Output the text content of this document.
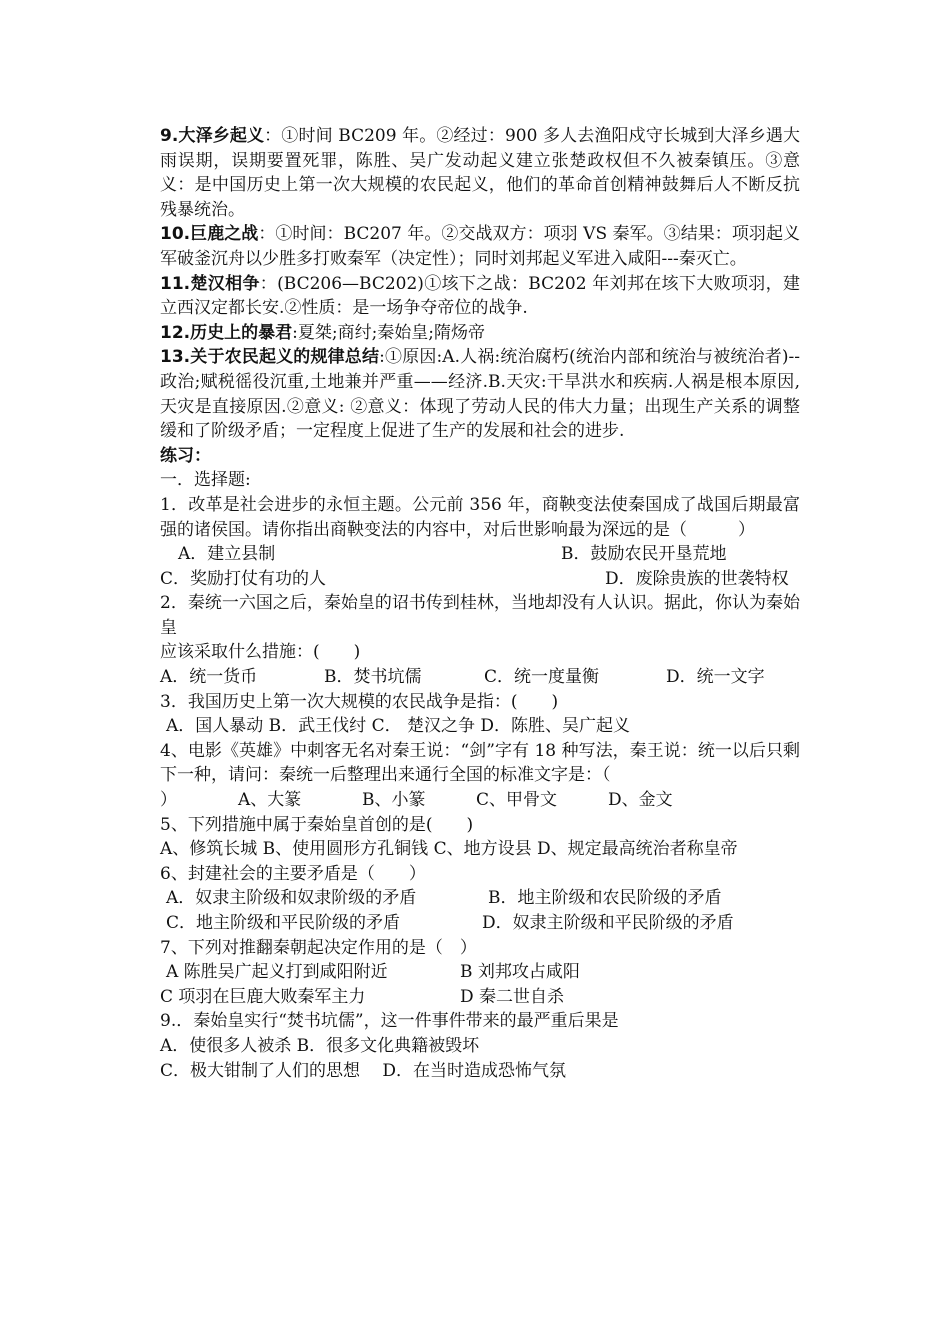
9.大泽乡起义：①时间 BC209 年。②经过：900 多人去渔阳戍守长城到大泽乡遇大雨误期，误期要置死罪，陈胜、吴广发动起义建立张楚政权但不久被秦镇压。③意义：是中国历史上第一次大规模的农民起义，他们的革命首创精神鼓舞后人不断反抗残暴统治。

10.巨鹿之战：①时间：BC207 年。②交战双方：项羽 VS 秦军。③结果：项羽起义军破釜沉舟以少胜多打败秦军（决定性）；同时刘邦起义军进入咸阳---秦灭亡。

11.楚汉相争：(BC206—BC202)①垓下之战：BC202 年刘邦在垓下大败项羽，建立西汉定都长安.②性质：是一场争夺帝位的战争.

12.历史上的暴君:夏桀;商纣;秦始皇;隋炀帝

13.关于农民起义的规律总结:①原因:A.人祸:统治腐朽(统治内部和统治与被统治者)--政治;赋税徭役沉重,土地兼并严重——经济.B.天灾:干旱洪水和疾病.人祸是根本原因,天灾是直接原因.②意义: ②意义：体现了劳动人民的伟大力量；出现生产关系的调整缓和了阶级矛盾；一定程度上促进了生产的发展和社会的进步.

练习：

一．选择题:

1．改革是社会进步的永恒主题。公元前 356 年，商鞅变法使秦国成了战国后期最富强的诸侯国。请你指出商鞅变法的内容中，对后世影响最为深远的是（　　　）

A．建立县制	B．鼓励农民开垦荒地
C．奖励打仗有功的人	D．废除贵族的世袭特权

2．秦统一六国之后，秦始皇的诏书传到桂林，当地却没有人认识。据此，你认为秦始皇

应该采取什么措施：(　　)

A．统一货币	B．焚书坑儒	C．统一度量衡	D．统一文字

3．我国历史上第一次大规模的农民战争是指：(　　)

A．国人暴动 B．武王伐纣 C． 楚汉之争 D．陈胜、吴广起义

4、电影《英雄》中刺客无名对秦王说：“剑”字有 18 种写法，秦王说：统一以后只剩下一种，请问：秦统一后整理出来通行全国的标准文字是：（

）	A、大篆	B、小篆	C、甲骨文	D、金文

5、下列措施中属于秦始皇首创的是(　　)

A、修筑长城 B、使用圆形方孔铜钱 C、地方设县 D、规定最高统治者称皇帝

6、封建社会的主要矛盾是（　　）

A．奴隶主阶级和奴隶阶级的矛盾	B．地主阶级和农民阶级的矛盾
C．地主阶级和平民阶级的矛盾	D．奴隶主阶级和平民阶级的矛盾

7、下列对推翻秦朝起决定作用的是（　）

A 陈胜吴广起义打到咸阳附近	B 刘邦攻占咸阳
C 项羽在巨鹿大败秦军主力	D 秦二世自杀

9.．秦始皇实行“焚书坑儒”，这一件事件带来的最严重后果是

A．使很多人被杀 B．很多文化典籍被毁坏

C．极大钳制了人们的思想　 D．在当时造成恐怖气氛
